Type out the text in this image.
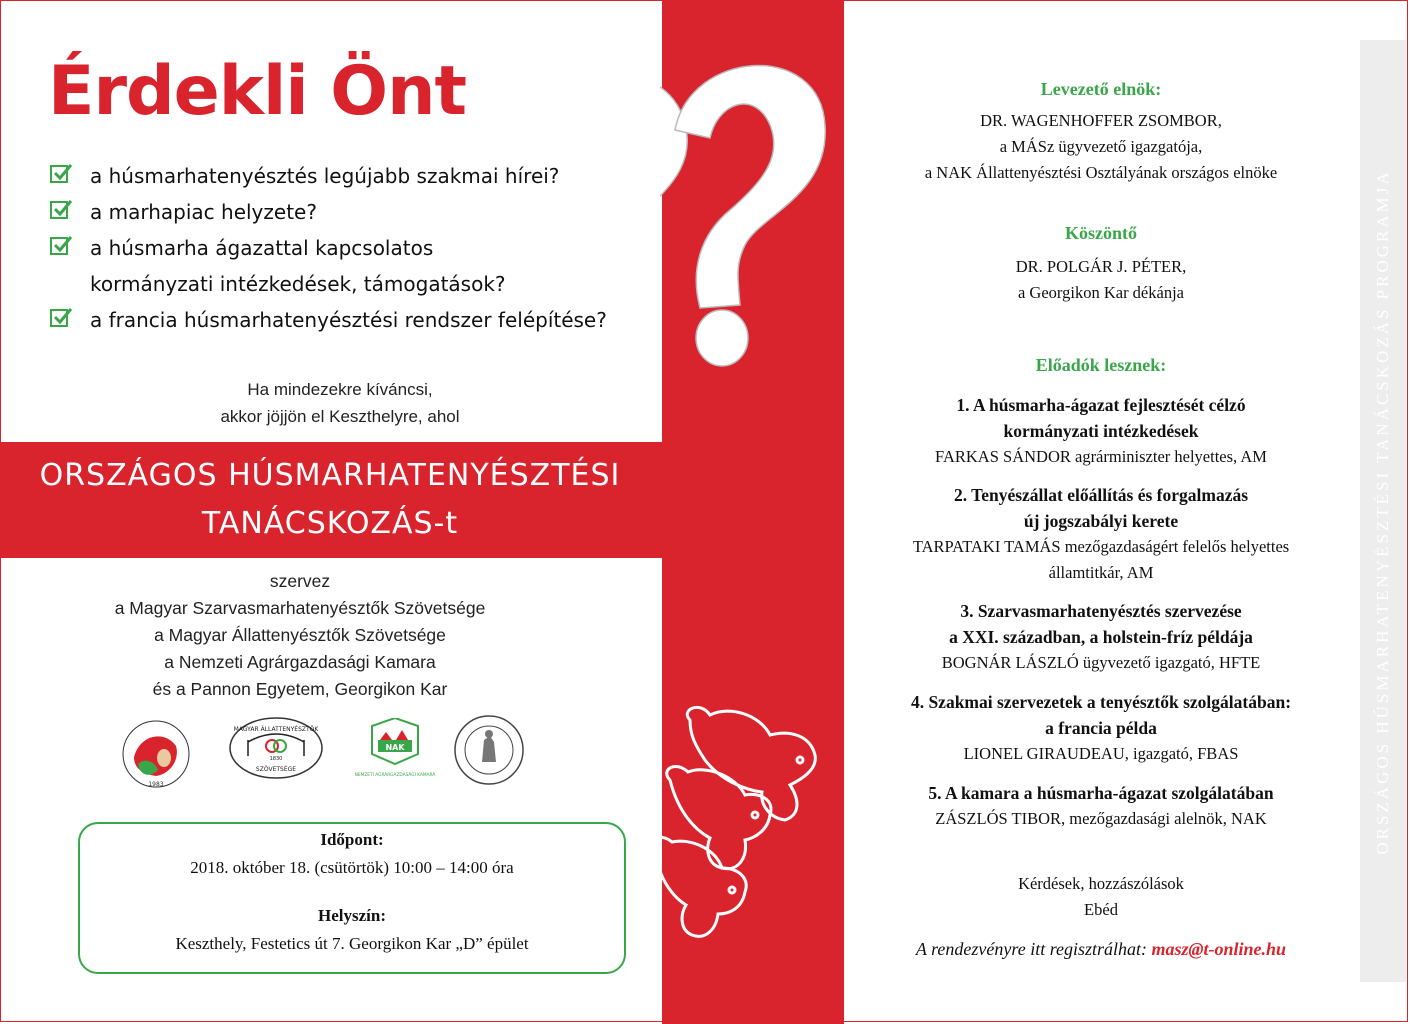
Érdekli Önt
a húsmarhatenyésztés legújabb szakmai hírei?
a marhapiac helyzete?
a húsmarha ágazattal kapcsolatos
kormányzati intézkedések, támogatások?
a francia húsmarhatenyésztési rendszer felépítése?
Ha mindezekre kíváncsi,
akkor jöjjön el Keszthelyre, ahol
ORSZÁGOS HÚSMARHATENYÉSZTÉSI
TANÁCSKOZÁS-t
szervez
a Magyar Szarvasmarhatenyésztők Szövetsége
a Magyar Állattenyésztők Szövetsége
a Nemzeti Agrárgazdasági Kamara
és a Pannon Egyetem, Georgikon Kar
1983
MAGYAR ÁLLATTENYÉSZTŐK
1830
SZÖVETSÉGE
NAK
NEMZETI AGRÁRGAZDASÁGI KAMARA
Időpont:
2018. október 18. (csütörtök) 10:00 – 14:00 óra
Helyszín:
Keszthely, Festetics út 7. Georgikon Kar „D” épület
Levezető elnök:
DR. WAGENHOFFER ZSOMBOR,
a MÁSz ügyvezető igazgatója,
a NAK Állattenyésztési Osztályának országos elnöke
Köszöntő
DR. POLGÁR J. PÉTER,
a Georgikon Kar dékánja
Előadók lesznek:
1. A húsmarha-ágazat fejlesztését célzó
kormányzati intézkedések
FARKAS SÁNDOR agrárminiszter helyettes, AM
2. Tenyészállat előállítás és forgalmazás
új jogszabályi kerete
TARPATAKI TAMÁS mezőgazdaságért felelős helyettes
államtitkár, AM
3. Szarvasmarhatenyésztés szervezése
a XXI. században, a holstein-fríz példája
BOGNÁR LÁSZLÓ ügyvezető igazgató, HFTE
4. Szakmai szervezetek a tenyésztők szolgálatában:
a francia példa
LIONEL GIRAUDEAU, igazgató, FBAS
5. A kamara a húsmarha-ágazat szolgálatában
ZÁSZLÓS TIBOR, mezőgazdasági alelnök, NAK
Kérdések, hozzászólások
Ebéd
A rendezvényre itt regisztrálhat: masz@t-online.hu
ORSZÁGOS HÚSMARHATENYÉSZTÉSI TANÁCSKOZÁS PROGRAMJA
